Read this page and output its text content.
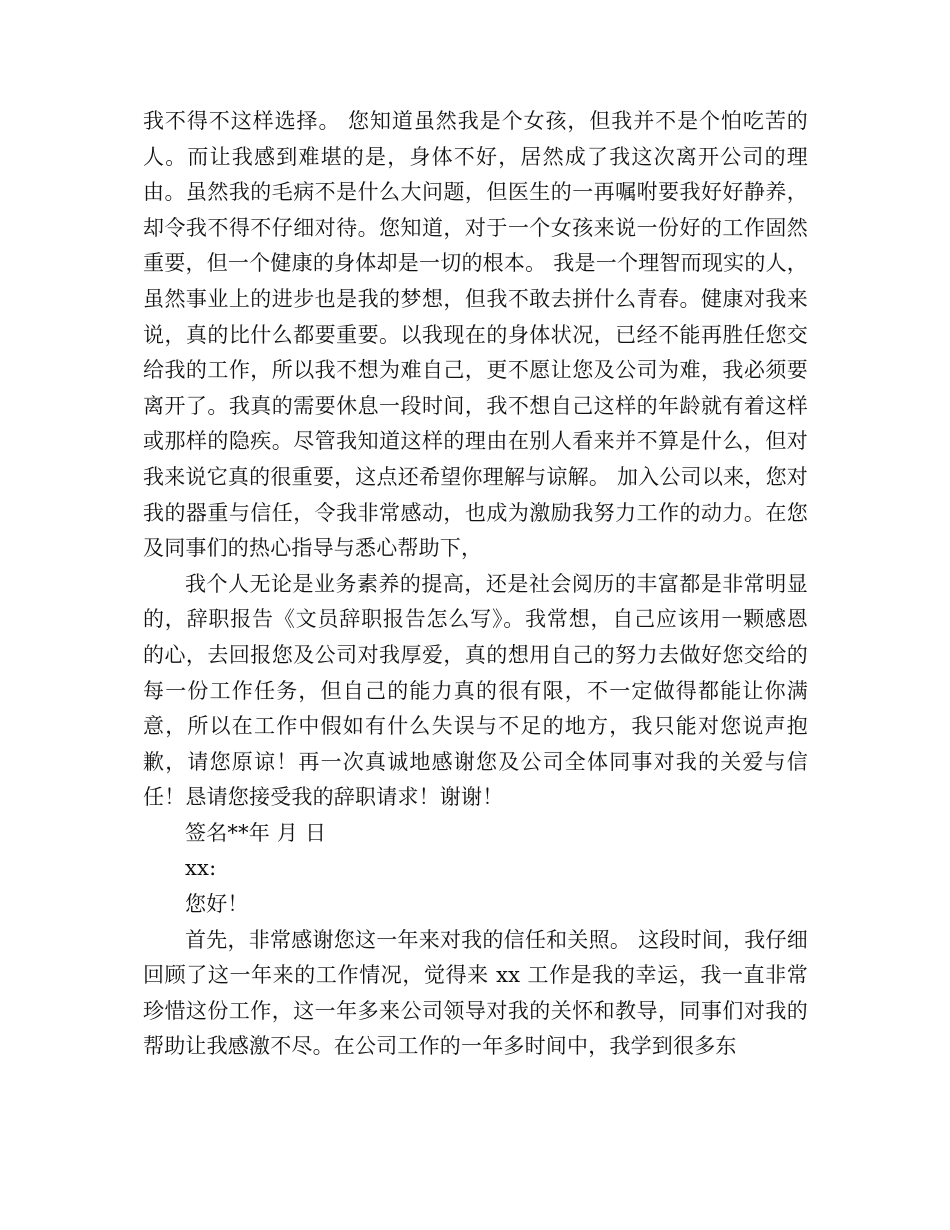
我不得不这样选择。 您知道虽然我是个女孩，但我并不是个怕吃苦的人。而让我感到难堪的是，身体不好，居然成了我这次离开公司的理由。虽然我的毛病不是什么大问题，但医生的一再嘱咐要我好好静养，却令我不得不仔细对待。您知道，对于一个女孩来说一份好的工作固然重要，但一个健康的身体却是一切的根本。 我是一个理智而现实的人，虽然事业上的进步也是我的梦想，但我不敢去拼什么青春。健康对我来说，真的比什么都要重要。以我现在的身体状况，已经不能再胜任您交给我的工作，所以我不想为难自己，更不愿让您及公司为难，我必须要离开了。我真的需要休息一段时间，我不想自己这样的年龄就有着这样或那样的隐疾。尽管我知道这样的理由在别人看来并不算是什么，但对我来说它真的很重要，这点还希望你理解与谅解。 加入公司以来，您对我的器重与信任，令我非常感动，也成为激励我努力工作的动力。在您及同事们的热心指导与悉心帮助下，

我个人无论是业务素养的提高，还是社会阅历的丰富都是非常明显的，辞职报告《文员辞职报告怎么写》。我常想，自己应该用一颗感恩的心，去回报您及公司对我厚爱，真的想用自己的努力去做好您交给的每一份工作任务，但自己的能力真的很有限，不一定做得都能让你满意，所以在工作中假如有什么失误与不足的地方，我只能对您说声抱歉，请您原谅！再一次真诚地感谢您及公司全体同事对我的关爱与信任！恳请您接受我的辞职请求！谢谢！

签名**年 月 日

xx:

您好！

首先，非常感谢您这一年来对我的信任和关照。 这段时间，我仔细回顾了这一年来的工作情况，觉得来 xx 工作是我的幸运，我一直非常珍惜这份工作，这一年多来公司领导对我的关怀和教导，同事们对我的帮助让我感激不尽。在公司工作的一年多时间中，我学到很多东
